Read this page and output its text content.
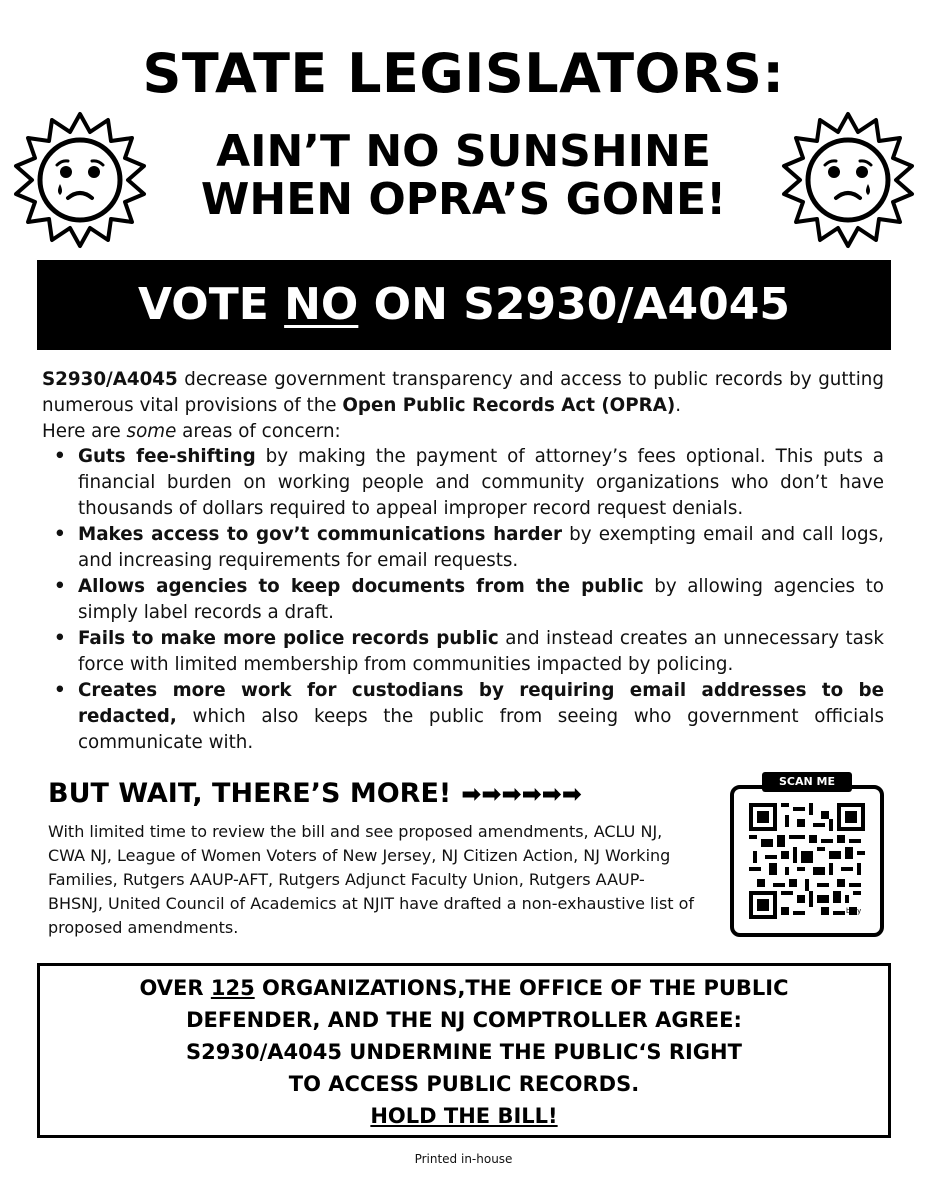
STATE LEGISLATORS:
AIN’T NO SUNSHINE
WHEN OPRA’S GONE!
VOTE NO ON S2930/A4045
S2930/A4045 decrease government transparency and access to public records by gutting numerous vital provisions of the Open Public Records Act (OPRA).
Here are some areas of concern:
• Guts fee-shifting by making the payment of attorney’s fees optional. This puts a financial burden on working people and community organizations who don’t have thousands of dollars required to appeal improper record request denials.
• Makes access to gov’t communications harder by exempting email and call logs, and increasing requirements for email requests.
• Allows agencies to keep documents from the public by allowing agencies to simply label records a draft.
• Fails to make more police records public and instead creates an unnecessary task force with limited membership from communities impacted by policing.
• Creates more work for custodians by requiring email addresses to be redacted, which also keeps the public from seeing who government officials communicate with.
BUT WAIT, THERE’S MORE! ➡➡➡➡➡➡
With limited time to review the bill and see proposed amendments, ACLU NJ, CWA NJ, League of Women Voters of New Jersey, NJ Citizen Action, NJ Working Families, Rutgers AAUP-AFT, Rutgers Adjunct Faculty Union, Rutgers AAUP-BHSNJ, United Council of Academics at NJIT have drafted a non-exhaustive list of proposed amendments.
SCAN ME
bitly
OVER 125 ORGANIZATIONS,THE OFFICE OF THE PUBLIC
DEFENDER, AND THE NJ COMPTROLLER AGREE:
S2930/A4045 UNDERMINE THE PUBLIC‘S RIGHT
TO ACCESS PUBLIC RECORDS.
HOLD THE BILL!
Printed in-house
